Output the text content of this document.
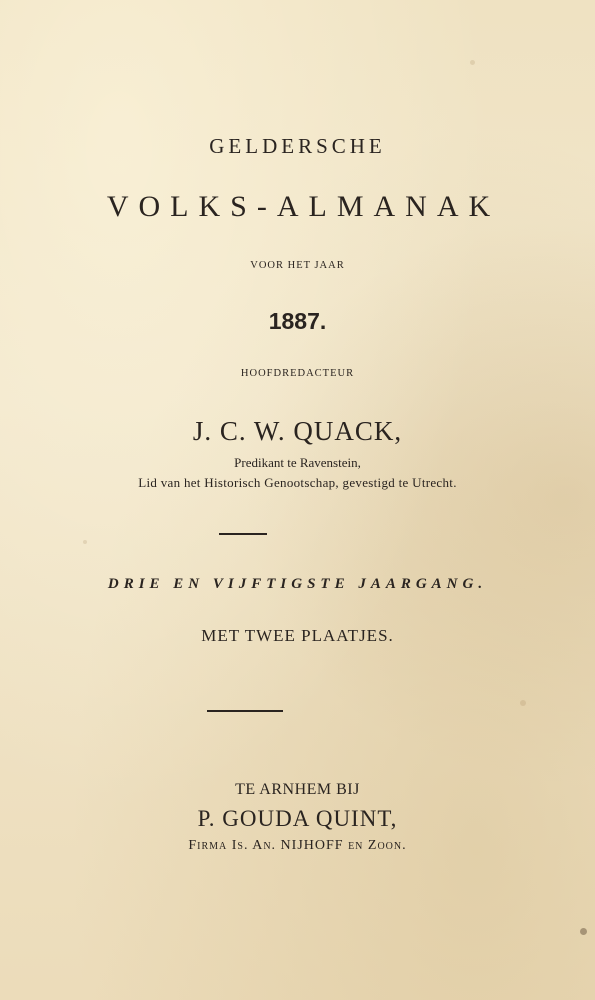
GELDERSCHE
VOLKS-ALMANAK
VOOR HET JAAR
1887.
HOOFDREDACTEUR
J. C. W. QUACK,
Predikant te Ravenstein,
Lid van het Historisch Genootschap, gevestigd te Utrecht.
DRIE EN VIJFTIGSTE JAARGANG.
MET TWEE PLAATJES.
TE ARNHEM BIJ
P. GOUDA QUINT,
Firma Is. An. NIJHOFF en Zoon.
